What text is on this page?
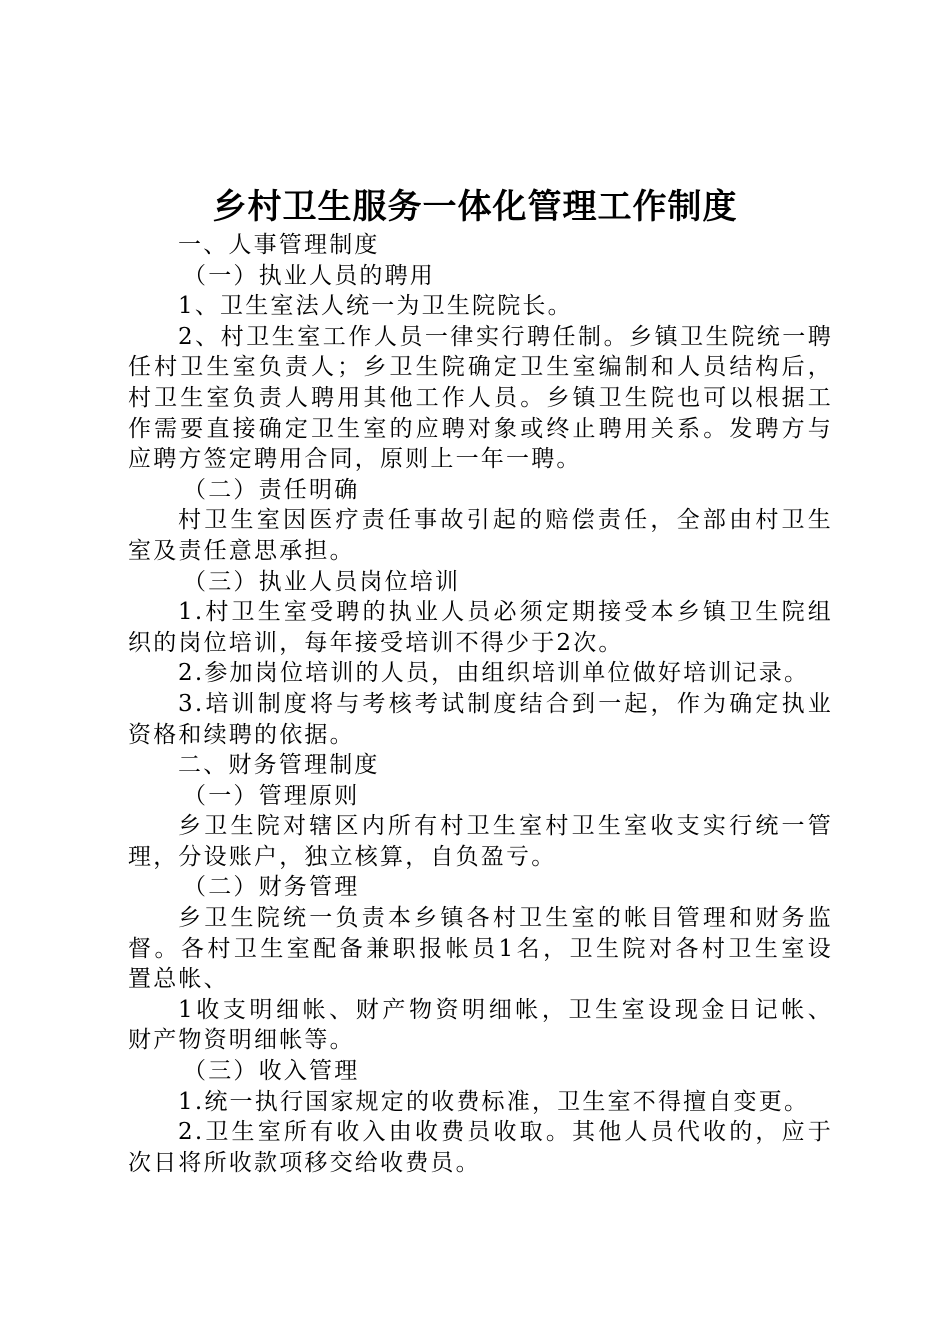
乡村卫生服务一体化管理工作制度
一、人事管理制度
（一）执业人员的聘用
1、卫生室法人统一为卫生院院长。
2、村卫生室工作人员一律实行聘任制。乡镇卫生院统一聘
任村卫生室负责人；乡卫生院确定卫生室编制和人员结构后，
村卫生室负责人聘用其他工作人员。乡镇卫生院也可以根据工
作需要直接确定卫生室的应聘对象或终止聘用关系。发聘方与
应聘方签定聘用合同，原则上一年一聘。
（二）责任明确
村卫生室因医疗责任事故引起的赔偿责任，全部由村卫生
室及责任意思承担。
（三）执业人员岗位培训
1.村卫生室受聘的执业人员必须定期接受本乡镇卫生院组
织的岗位培训，每年接受培训不得少于2次。
2.参加岗位培训的人员，由组织培训单位做好培训记录。
3.培训制度将与考核考试制度结合到一起，作为确定执业
资格和续聘的依据。
二、财务管理制度
（一）管理原则
乡卫生院对辖区内所有村卫生室村卫生室收支实行统一管
理，分设账户，独立核算，自负盈亏。
（二）财务管理
乡卫生院统一负责本乡镇各村卫生室的帐目管理和财务监
督。各村卫生室配备兼职报帐员1名，卫生院对各村卫生室设
置总帐、
1收支明细帐、财产物资明细帐，卫生室设现金日记帐、
财产物资明细帐等。
（三）收入管理
1.统一执行国家规定的收费标准，卫生室不得擅自变更。
2.卫生室所有收入由收费员收取。其他人员代收的，应于
次日将所收款项移交给收费员。
